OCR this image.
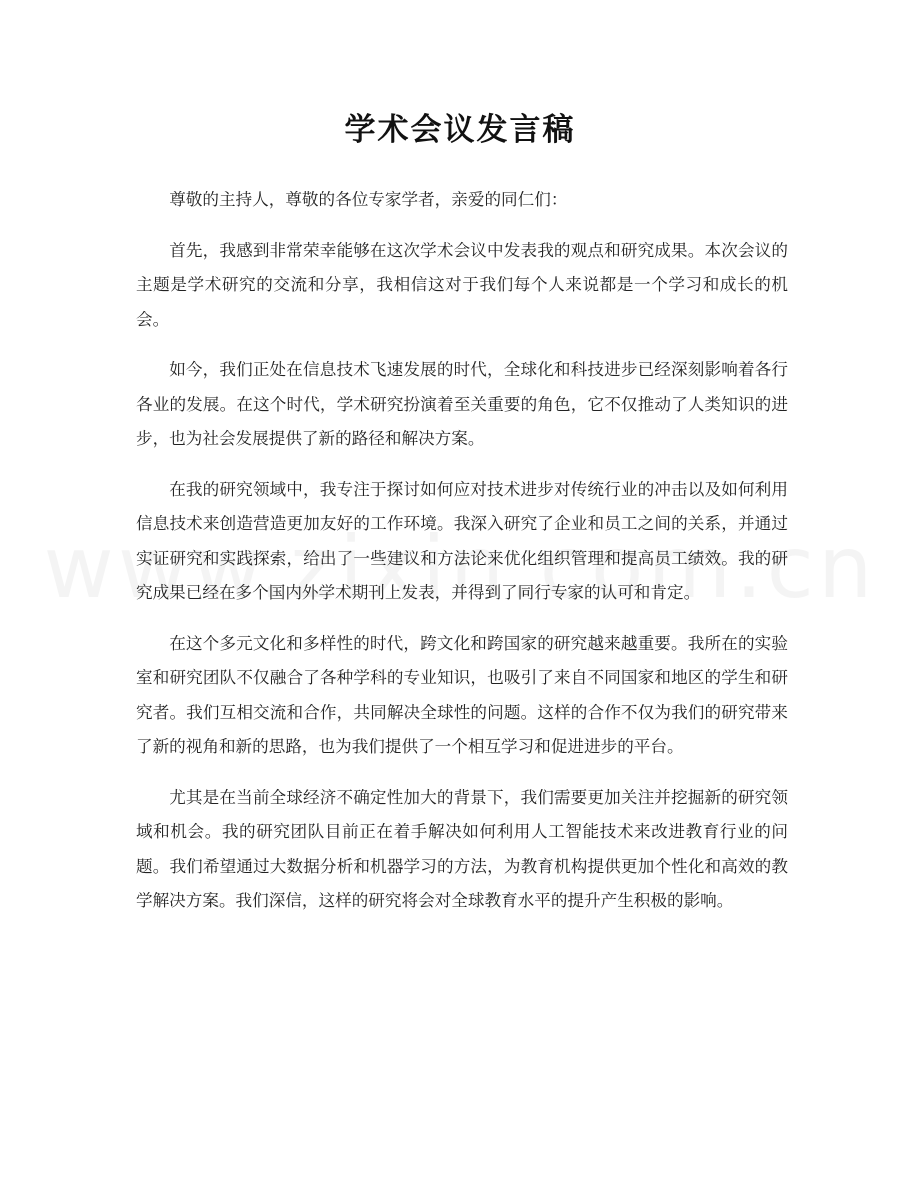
学术会议发言稿

尊敬的主持人，尊敬的各位专家学者，亲爱的同仁们：

首先，我感到非常荣幸能够在这次学术会议中发表我的观点和研究成果。本次会议的主题是学术研究的交流和分享，我相信这对于我们每个人来说都是一个学习和成长的机会。

如今，我们正处在信息技术飞速发展的时代，全球化和科技进步已经深刻影响着各行各业的发展。在这个时代，学术研究扮演着至关重要的角色，它不仅推动了人类知识的进步，也为社会发展提供了新的路径和解决方案。

在我的研究领域中，我专注于探讨如何应对技术进步对传统行业的冲击以及如何利用信息技术来创造营造更加友好的工作环境。我深入研究了企业和员工之间的关系，并通过实证研究和实践探索，给出了一些建议和方法论来优化组织管理和提高员工绩效。我的研究成果已经在多个国内外学术期刊上发表，并得到了同行专家的认可和肯定。

在这个多元文化和多样性的时代，跨文化和跨国家的研究越来越重要。我所在的实验室和研究团队不仅融合了各种学科的专业知识，也吸引了来自不同国家和地区的学生和研究者。我们互相交流和合作，共同解决全球性的问题。这样的合作不仅为我们的研究带来了新的视角和新的思路，也为我们提供了一个相互学习和促进进步的平台。

尤其是在当前全球经济不确定性加大的背景下，我们需要更加关注并挖掘新的研究领域和机会。我的研究团队目前正在着手解决如何利用人工智能技术来改进教育行业的问题。我们希望通过大数据分析和机器学习的方法，为教育机构提供更加个性化和高效的教学解决方案。我们深信，这样的研究将会对全球教育水平的提升产生积极的影响。
